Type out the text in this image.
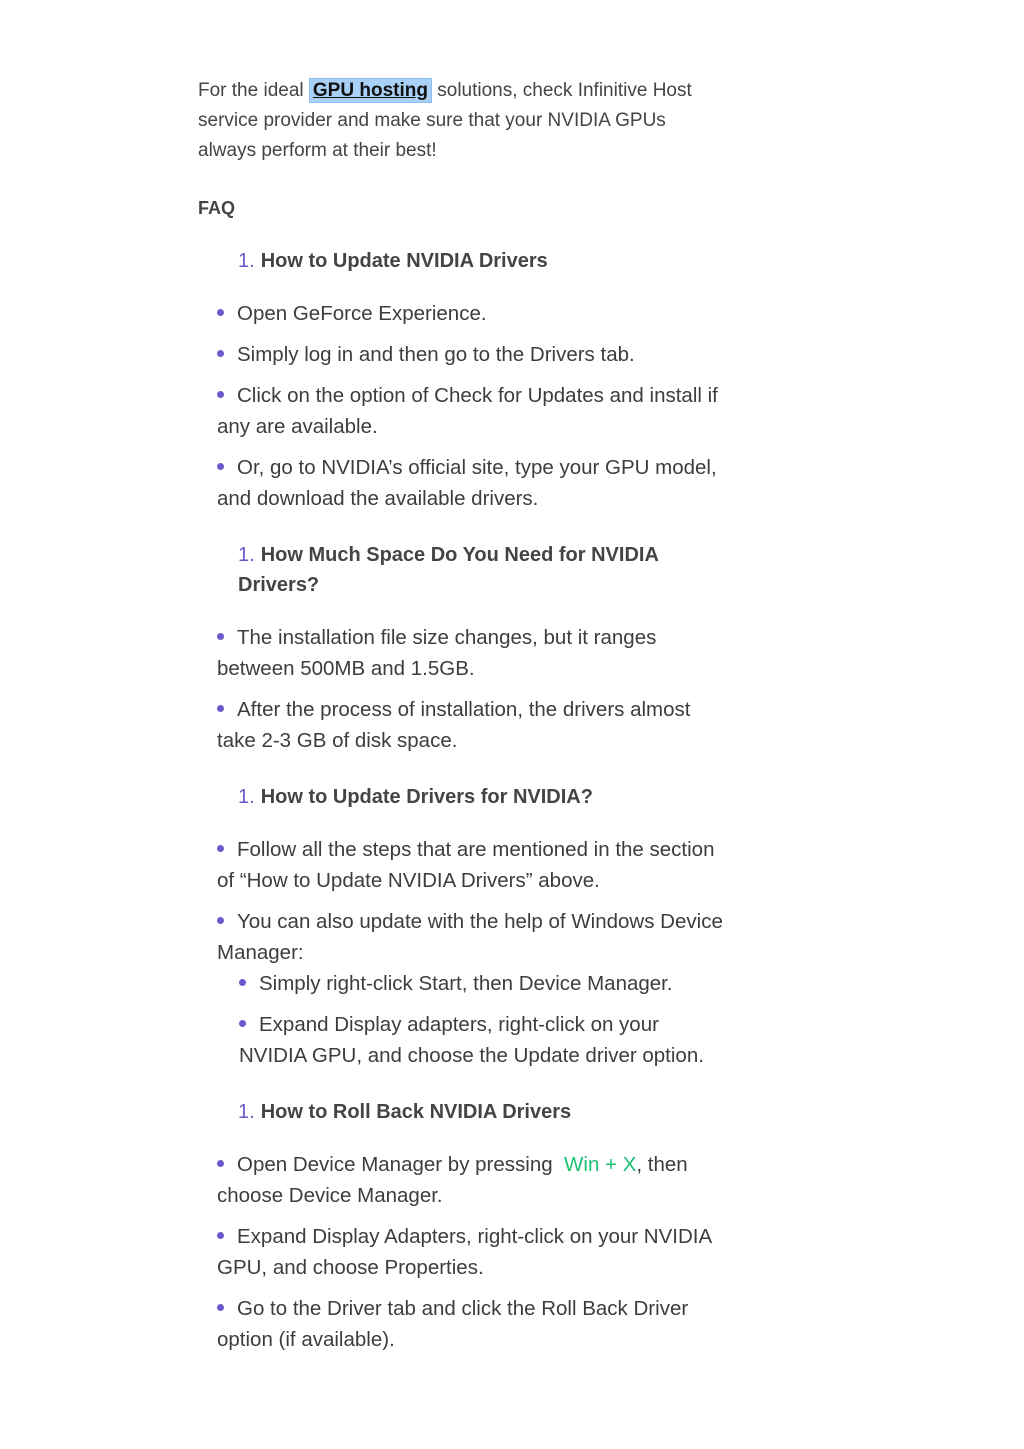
For the ideal GPU hosting solutions, check Infinitive Host service provider and make sure that your NVIDIA GPUs always perform at their best!

FAQ
1. How to Update NVIDIA Drivers
Open GeForce Experience.
Simply log in and then go to the Drivers tab.
Click on the option of Check for Updates and install if any are available.
Or, go to NVIDIA’s official site, type your GPU model, and download the available drivers.
1. How Much Space Do You Need for NVIDIA Drivers?
The installation file size changes, but it ranges between 500MB and 1.5GB.
After the process of installation, the drivers almost take 2-3 GB of disk space.
1. How to Update Drivers for NVIDIA?
Follow all the steps that are mentioned in the section of “How to Update NVIDIA Drivers” above.
You can also update with the help of Windows Device Manager:
Simply right-click Start, then Device Manager.
Expand Display adapters, right-click on your NVIDIA GPU, and choose the Update driver option.
1. How to Roll Back NVIDIA Drivers
Open Device Manager by pressing Win + X, then choose Device Manager.
Expand Display Adapters, right-click on your NVIDIA GPU, and choose Properties.
Go to the Driver tab and click the Roll Back Driver option (if available).
